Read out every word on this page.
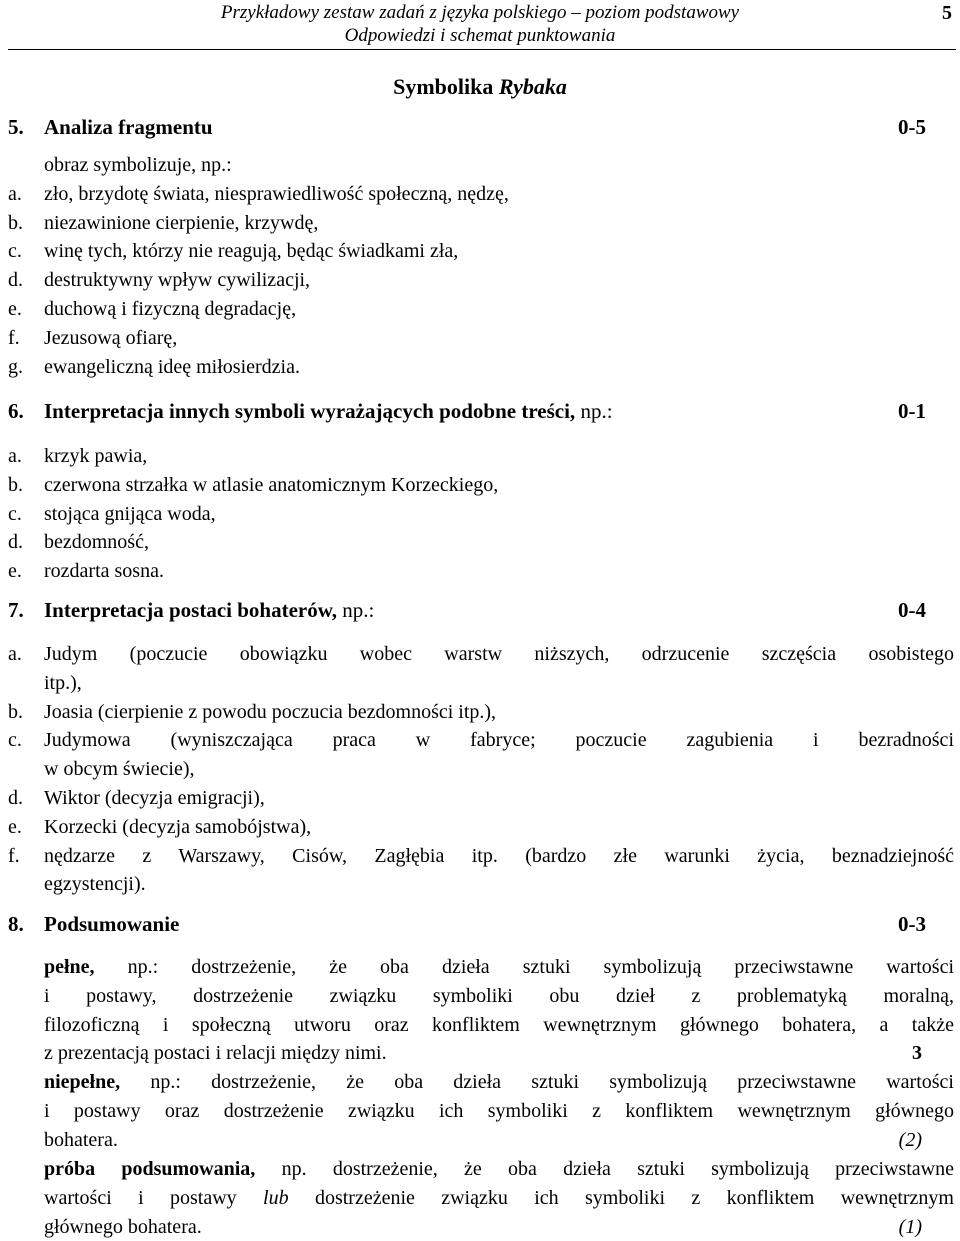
Przykładowy zestaw zadań z języka polskiego – poziom podstawowy
Odpowiedzi i schemat punktowania
5
Symbolika Rybaka
5. Analiza fragmentu	0-5
obraz symbolizuje, np.:
a. zło, brzydotę świata, niesprawiedliwość społeczną, nędzę,
b. niezawinione cierpienie, krzywdę,
c. winę tych, którzy nie reagują, będąc świadkami zła,
d. destruktywny wpływ cywilizacji,
e. duchową i fizyczną degradację,
f. Jezusową ofiarę,
g. ewangeliczną ideę miłosierdzia.
6. Interpretacja innych symboli wyrażających podobne treści, np.:	0-1
a. krzyk pawia,
b. czerwona strzałka w atlasie anatomicznym Korzeckiego,
c. stojąca gnijąca woda,
d. bezdomność,
e. rozdarta sosna.
7. Interpretacja postaci bohaterów, np.:	0-4
a. Judym (poczucie obowiązku wobec warstw niższych, odrzucenie szczęścia osobistego
itp.),
b. Joasia (cierpienie z powodu poczucia bezdomności itp.),
c. Judymowa (wyniszczająca praca w fabryce; poczucie zagubienia i bezradności
w obcym świecie),
d. Wiktor (decyzja emigracji),
e. Korzecki (decyzja samobójstwa),
f. nędzarze z Warszawy, Cisów, Zagłębia itp. (bardzo złe warunki życia, beznadziejność
egzystencji).
8. Podsumowanie	0-3
pełne, np.: dostrzeżenie, że oba dzieła sztuki symbolizują przeciwstawne wartości
i postawy, dostrzeżenie związku symboliki obu dzieł z problematyką moralną,
filozoficzną i społeczną utworu oraz konfliktem wewnętrznym głównego bohatera, a także
z prezentacją postaci i relacji między nimi.	3
niepełne, np.: dostrzeżenie, że oba dzieła sztuki symbolizują przeciwstawne wartości
i postawy oraz dostrzeżenie związku ich symboliki z konfliktem wewnętrznym głównego
bohatera.	(2)
próba podsumowania, np. dostrzeżenie, że oba dzieła sztuki symbolizują przeciwstawne
wartości i postawy lub dostrzeżenie związku ich symboliki z konfliktem wewnętrznym
głównego bohatera.	(1)
